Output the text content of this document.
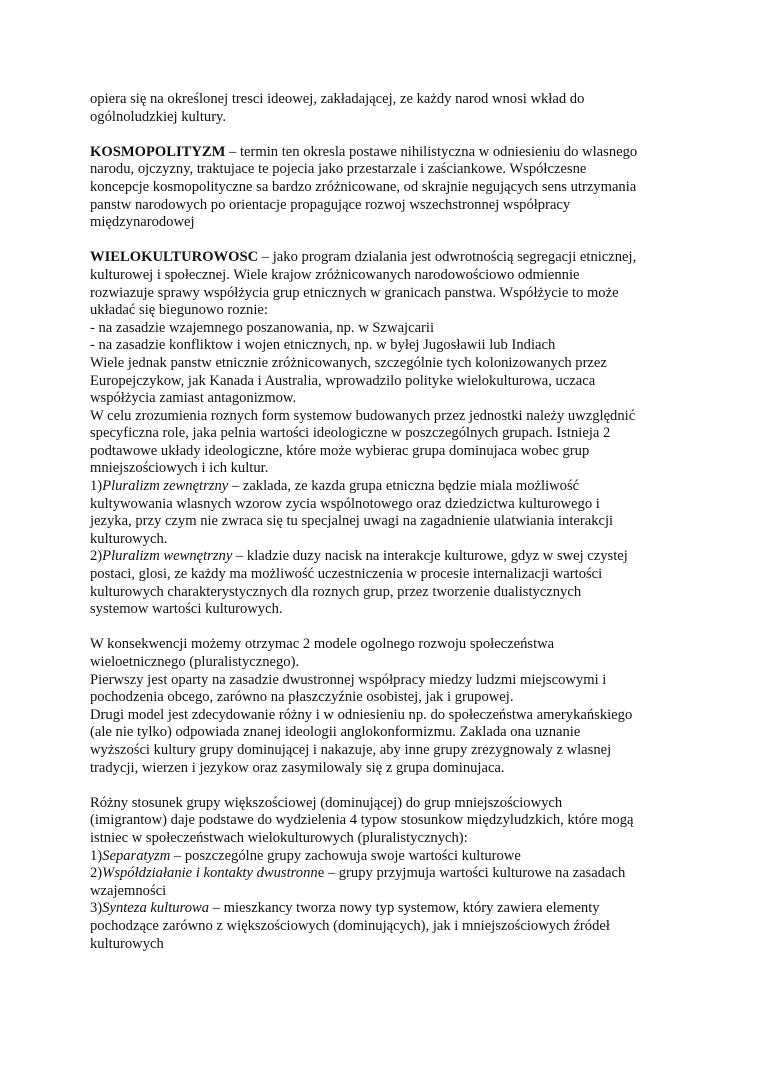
opiera się na określonej tresci ideowej, zakładającej, ze każdy narod wnosi wkład do
ogólnoludzkiej kultury.
KOSMOPOLITYZM – termin ten okresla postawe nihilistyczna w odniesieniu do wlasnego
narodu, ojczyzny, traktujace te pojecia jako przestarzale i zaściankowe. Współczesne
koncepcje kosmopolityczne sa bardzo zróżnicowane, od skrajnie negujących sens utrzymania
panstw narodowych po orientacje propagujące rozwoj wszechstronnej współpracy
międzynarodowej
WIELOKULTUROWOSC – jako program dzialania jest odwrotnością segregacji etnicznej,
kulturowej i społecznej. Wiele krajow zróżnicowanych narodowościowo odmiennie
rozwiazuje sprawy współżycia grup etnicznych w granicach panstwa. Współżycie to może
układać się biegunowo roznie:
- na zasadzie wzajemnego poszanowania, np. w Szwajcarii
- na zasadzie konfliktow i wojen etnicznych, np. w byłej Jugosławii lub Indiach
Wiele jednak panstw etnicznie zróżnicowanych, szczególnie tych kolonizowanych przez
Europejczykow, jak Kanada i Australia, wprowadzilo polityke wielokulturowa, uczaca
współżycia zamiast antagonizmow.
W celu zrozumienia roznych form systemow budowanych przez jednostki należy uwzględnić
specyficzna role, jaka pelnia wartości ideologiczne w poszczególnych grupach. Istnieja 2
podtawowe układy ideologiczne, które może wybierac grupa dominujaca wobec grup
mniejszościowych i ich kultur.
1)Pluralizm zewnętrzny – zaklada, ze kazda grupa etniczna będzie miala możliwość
kultywowania wlasnych wzorow zycia wspólnotowego oraz dziedzictwa kulturowego i
jezyka, przy czym nie zwraca się tu specjalnej uwagi na zagadnienie ulatwiania interakcji
kulturowych.
2)Pluralizm wewnętrzny – kladzie duzy nacisk na interakcje kulturowe, gdyz w swej czystej
postaci, glosi, ze każdy ma możliwość uczestniczenia w procesie internalizacji wartości
kulturowych charakterystycznych dla roznych grup, przez tworzenie dualistycznych
systemow wartości kulturowych.
W konsekwencji możemy otrzymac 2 modele ogolnego rozwoju społeczeństwa
wieloetnicznego (pluralistycznego).
Pierwszy jest oparty na zasadzie dwustronnej współpracy miedzy ludzmi miejscowymi i
pochodzenia obcego, zarówno na płaszczyźnie osobistej, jak i grupowej.
Drugi model jest zdecydowanie różny i w odniesieniu np. do społeczeństwa amerykańskiego
(ale nie tylko) odpowiada znanej ideologii anglokonformizmu. Zaklada ona uznanie
wyższości kultury grupy dominującej i nakazuje, aby inne grupy zrezygnowaly z wlasnej
tradycji, wierzen i jezykow oraz zasymilowaly się z grupa dominujaca.
Różny stosunek grupy większościowej (dominującej) do grup mniejszościowych
(imigrantow) daje podstawe do wydzielenia 4 typow stosunkow międzyludzkich, które mogą
istniec w społeczeństwach wielokulturowych (pluralistycznych):
1)Separatyzm – poszczególne grupy zachowuja swoje wartości kulturowe
2)Współdziałanie i kontakty dwustronne – grupy przyjmuja wartości kulturowe na zasadach
wzajemności
3)Synteza kulturowa – mieszkancy tworza nowy typ systemow, który zawiera elementy
pochodzące zarówno z większościowych (dominujących), jak i mniejszościowych źródeł
kulturowych
